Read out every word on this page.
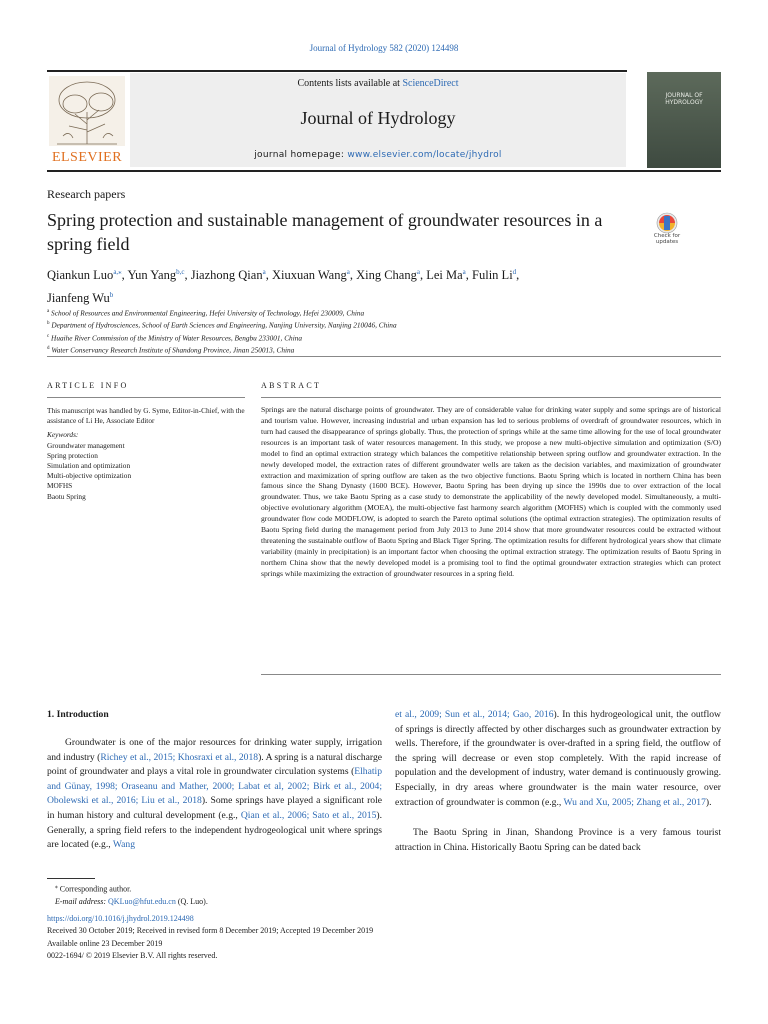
Journal of Hydrology 582 (2020) 124498
ELSEVIER
Contents lists available at ScienceDirect
Journal of Hydrology
journal homepage: www.elsevier.com/locate/jhydrol
JOURNAL OF HYDROLOGY
Research papers
Spring protection and sustainable management of groundwater resources in a spring field	Check for updates
Qiankun Luo$^{a,⁎}$, Yun Yang$^{b,c}$, Jiazhong Qian$^a$, Xiuxuan Wang$^a$, Xing Chang$^a$, Lei Ma$^a$, Fulin Li$^d$,
Jianfeng Wu$^b$
$^a$ School of Resources and Environmental Engineering, Hefei University of Technology, Hefei 230009, China
$^b$ Department of Hydrosciences, School of Earth Sciences and Engineering, Nanjing University, Nanjing 210046, China
$^c$ Huaihe River Commission of the Ministry of Water Resources, Bengbu 233001, China
$^d$ Water Conservancy Research Institute of Shandong Province, Jinan 250013, China
ARTICLE INFO	ABSTRACT
This manuscript was handled by G. Syme, Editor-in-Chief, with the assistance of Li He, Associate Editor
Keywords:
Groundwater management
Spring protection
Simulation and optimization
Multi-objective optimization
MOFHS
Baotu Spring
Springs are the natural discharge points of groundwater. They are of considerable value for drinking water supply and some springs are of historical and tourism value. However, increasing industrial and urban expansion has led to serious problems of overdraft of groundwater resources, which in turn had caused the disappearance of springs globally. Thus, the protection of springs while at the same time allowing for the use of local groundwater resources is an important task of water resources management. In this study, we propose a new multi-objective simulation and optimization (S/O) model to find an optimal extraction strategy which balances the competitive relationship between spring outflow and groundwater extraction. In the newly developed model, the extraction rates of different groundwater wells are taken as the decision variables, and maximization of groundwater extraction and maximization of spring outflow are taken as the two objective functions. Baotu Spring which is located in northern China has been famous since the Shang Dynasty (1600 BCE). However, Baotu Spring has been drying up since the 1990s due to over extraction of the local groundwater. Thus, we take Baotu Spring as a case study to demonstrate the applicability of the newly developed model. Simultaneously, a multi-objective evolutionary algorithm (MOEA), the multi-objective fast harmony search algorithm (MOFHS) which is coupled with the commonly used groundwater flow code MODFLOW, is adopted to search the Pareto optimal solutions (the optimal extraction strategies). The optimization results of Baotu Spring field during the management period from July 2013 to June 2014 show that more groundwater resources could be extracted without threatening the sustainable outflow of Baotu Spring and Black Tiger Spring. The optimization results for different hydrological years show that climate variability (mainly in precipitation) is an important factor when choosing the optimal extraction strategy. The optimization results of Baotu Spring in northern China show that the newly developed model is a promising tool to find the optimal groundwater extraction strategies which can protect springs while maximizing the extraction of groundwater resources in a spring field.
1. Introduction
Groundwater is one of the major resources for drinking water supply, irrigation and industry (Richey et al., 2015; Khosraxi et al., 2018). A spring is a natural discharge point of groundwater and plays a vital role in groundwater circulation systems (Elhatip and Günay, 1998; Oraseanu and Mather, 2000; Labat et al, 2002; Birk et al., 2004; Obolewski et al., 2016; Liu et al., 2018). Some springs have played a significant role in human history and cultural development (e.g., Qian et al., 2006; Sato et al., 2015). Generally, a spring field refers to the independent hydrogeological unit where springs are located (e.g., Wang
et al., 2009; Sun et al., 2014; Gao, 2016). In this hydrogeological unit, the outflow of springs is directly affected by other discharges such as groundwater extraction by wells. Therefore, if the groundwater is over-drafted in a spring field, the outflow of the spring will decrease or even stop completely. With the rapid increase of population and the development of industry, water demand is continuously growing. Especially, in dry areas where groundwater is the main water resource, over extraction of groundwater is common (e.g., Wu and Xu, 2005; Zhang et al., 2017).
The Baotu Spring in Jinan, Shandong Province is a very famous tourist attraction in China. Historically Baotu Spring can be dated back
⁎ Corresponding author.
E-mail address: QKLuo@hfut.edu.cn (Q. Luo).
https://doi.org/10.1016/j.jhydrol.2019.124498
Received 30 October 2019; Received in revised form 8 December 2019; Accepted 19 December 2019
Available online 23 December 2019
0022-1694/ © 2019 Elsevier B.V. All rights reserved.
